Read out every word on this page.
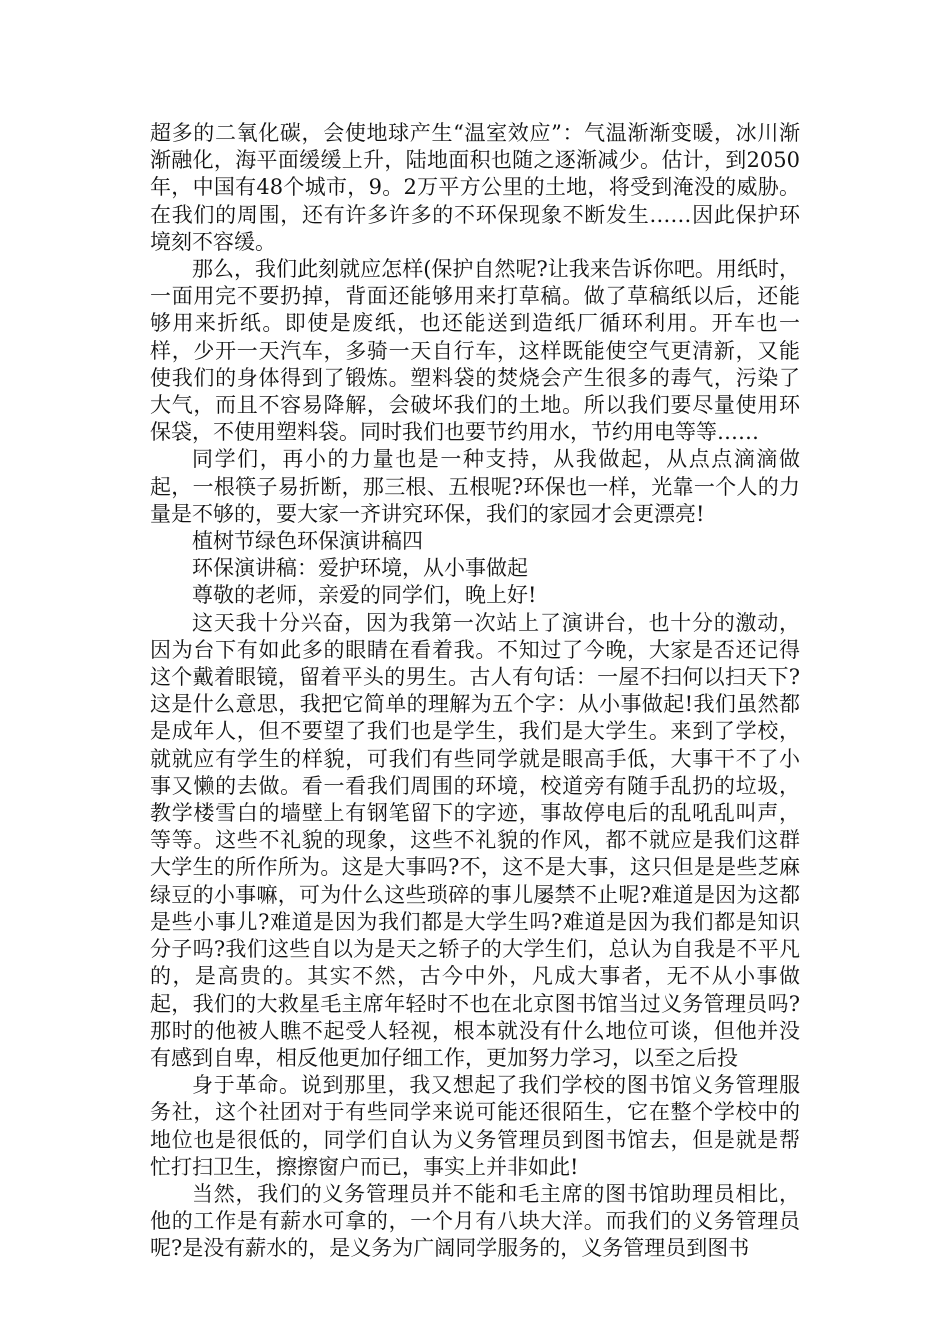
超多的二氧化碳，会使地球产生“温室效应”：气温渐渐变暖，冰川渐渐融化，海平面缓缓上升，陆地面积也随之逐渐减少。估计，到2050年，中国有48个城市，9。2万平方公里的土地，将受到淹没的威胁。在我们的周围，还有许多许多的不环保现象不断发生……因此保护环境刻不容缓。

那么，我们此刻就应怎样(保护自然呢?让我来告诉你吧。用纸时，一面用完不要扔掉，背面还能够用来打草稿。做了草稿纸以后，还能够用来折纸。即使是废纸，也还能送到造纸厂循环利用。开车也一样，少开一天汽车，多骑一天自行车，这样既能使空气更清新，又能使我们的身体得到了锻炼。塑料袋的焚烧会产生很多的毒气，污染了大气，而且不容易降解，会破坏我们的土地。所以我们要尽量使用环保袋，不使用塑料袋。同时我们也要节约用水，节约用电等等……

同学们，再小的力量也是一种支持，从我做起，从点点滴滴做起，一根筷子易折断，那三根、五根呢?环保也一样，光靠一个人的力量是不够的，要大家一齐讲究环保，我们的家园才会更漂亮!

植树节绿色环保演讲稿四

环保演讲稿：爱护环境，从小事做起

尊敬的老师，亲爱的同学们，晚上好!

这天我十分兴奋，因为我第一次站上了演讲台，也十分的激动，因为台下有如此多的眼睛在看着我。不知过了今晚，大家是否还记得这个戴着眼镜，留着平头的男生。古人有句话：一屋不扫何以扫天下?这是什么意思，我把它简单的理解为五个字：从小事做起!我们虽然都是成年人，但不要望了我们也是学生，我们是大学生。来到了学校，就就应有学生的样貌，可我们有些同学就是眼高手低，大事干不了小事又懒的去做。看一看我们周围的环境，校道旁有随手乱扔的垃圾，教学楼雪白的墙壁上有钢笔留下的字迹，事故停电后的乱吼乱叫声，等等。这些不礼貌的现象，这些不礼貌的作风，都不就应是我们这群大学生的所作所为。这是大事吗?不，这不是大事，这只但是是些芝麻绿豆的小事嘛，可为什么这些琐碎的事儿屡禁不止呢?难道是因为这都是些小事儿?难道是因为我们都是大学生吗?难道是因为我们都是知识分子吗?我们这些自以为是天之轿子的大学生们，总认为自我是不平凡的，是高贵的。其实不然，古今中外，凡成大事者，无不从小事做起，我们的大救星毛主席年轻时不也在北京图书馆当过义务管理员吗?那时的他被人瞧不起受人轻视，根本就没有什么地位可谈，但他并没有感到自卑，相反他更加仔细工作，更加努力学习，以至之后投

身于革命。说到那里，我又想起了我们学校的图书馆义务管理服务社，这个社团对于有些同学来说可能还很陌生，它在整个学校中的地位也是很低的，同学们自认为义务管理员到图书馆去，但是就是帮忙打扫卫生，擦擦窗户而已，事实上并非如此!

当然，我们的义务管理员并不能和毛主席的图书馆助理员相比，他的工作是有薪水可拿的，一个月有八块大洋。而我们的义务管理员呢?是没有薪水的，是义务为广阔同学服务的，义务管理员到图书
